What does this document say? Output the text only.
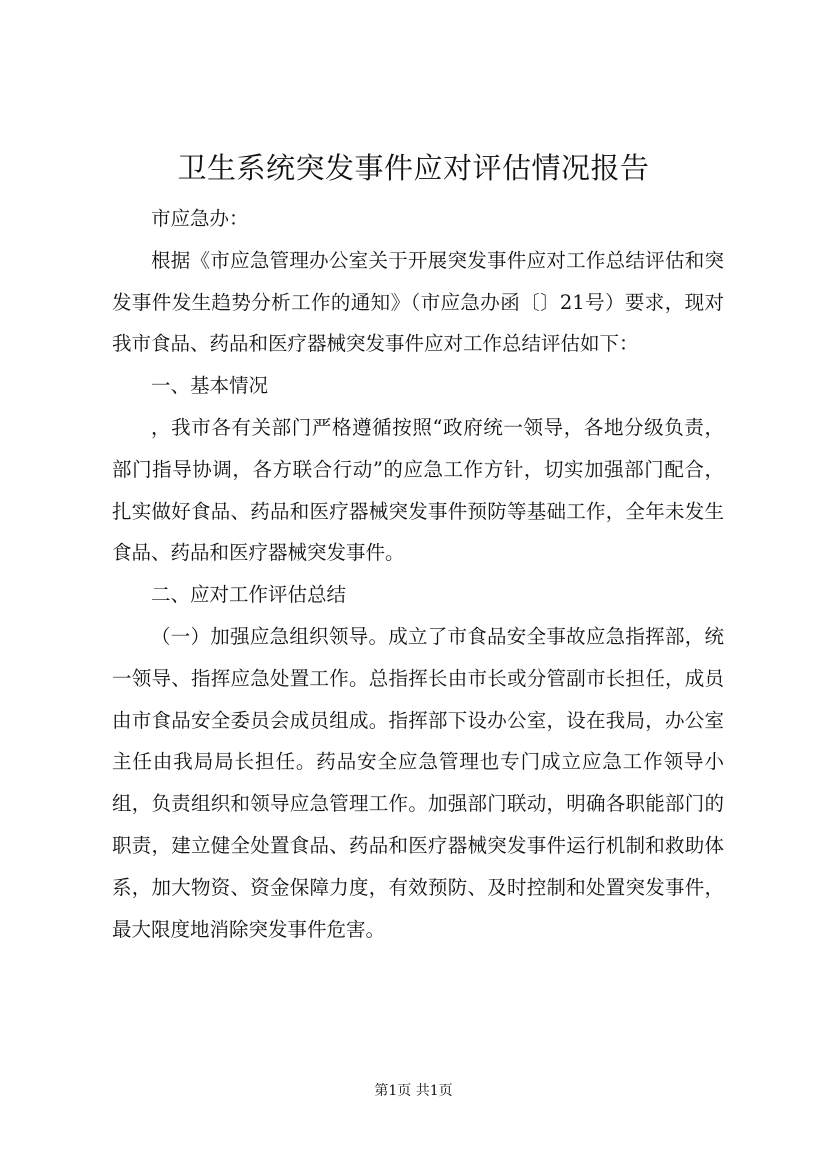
卫生系统突发事件应对评估情况报告

市应急办：

根据《市应急管理办公室关于开展突发事件应对工作总结评估和突发事件发生趋势分析工作的通知》（市应急办函〔〕21号）要求，现对我市食品、药品和医疗器械突发事件应对工作总结评估如下：

一、基本情况

，我市各有关部门严格遵循按照“政府统一领导，各地分级负责，部门指导协调，各方联合行动”的应急工作方针，切实加强部门配合，扎实做好食品、药品和医疗器械突发事件预防等基础工作，全年未发生食品、药品和医疗器械突发事件。

二、应对工作评估总结

（一）加强应急组织领导。成立了市食品安全事故应急指挥部，统一领导、指挥应急处置工作。总指挥长由市长或分管副市长担任，成员由市食品安全委员会成员组成。指挥部下设办公室，设在我局，办公室主任由我局局长担任。药品安全应急管理也专门成立应急工作领导小组，负责组织和领导应急管理工作。加强部门联动，明确各职能部门的职责，建立健全处置食品、药品和医疗器械突发事件运行机制和救助体系，加大物资、资金保障力度，有效预防、及时控制和处置突发事件，最大限度地消除突发事件危害。

第1页 共1页
